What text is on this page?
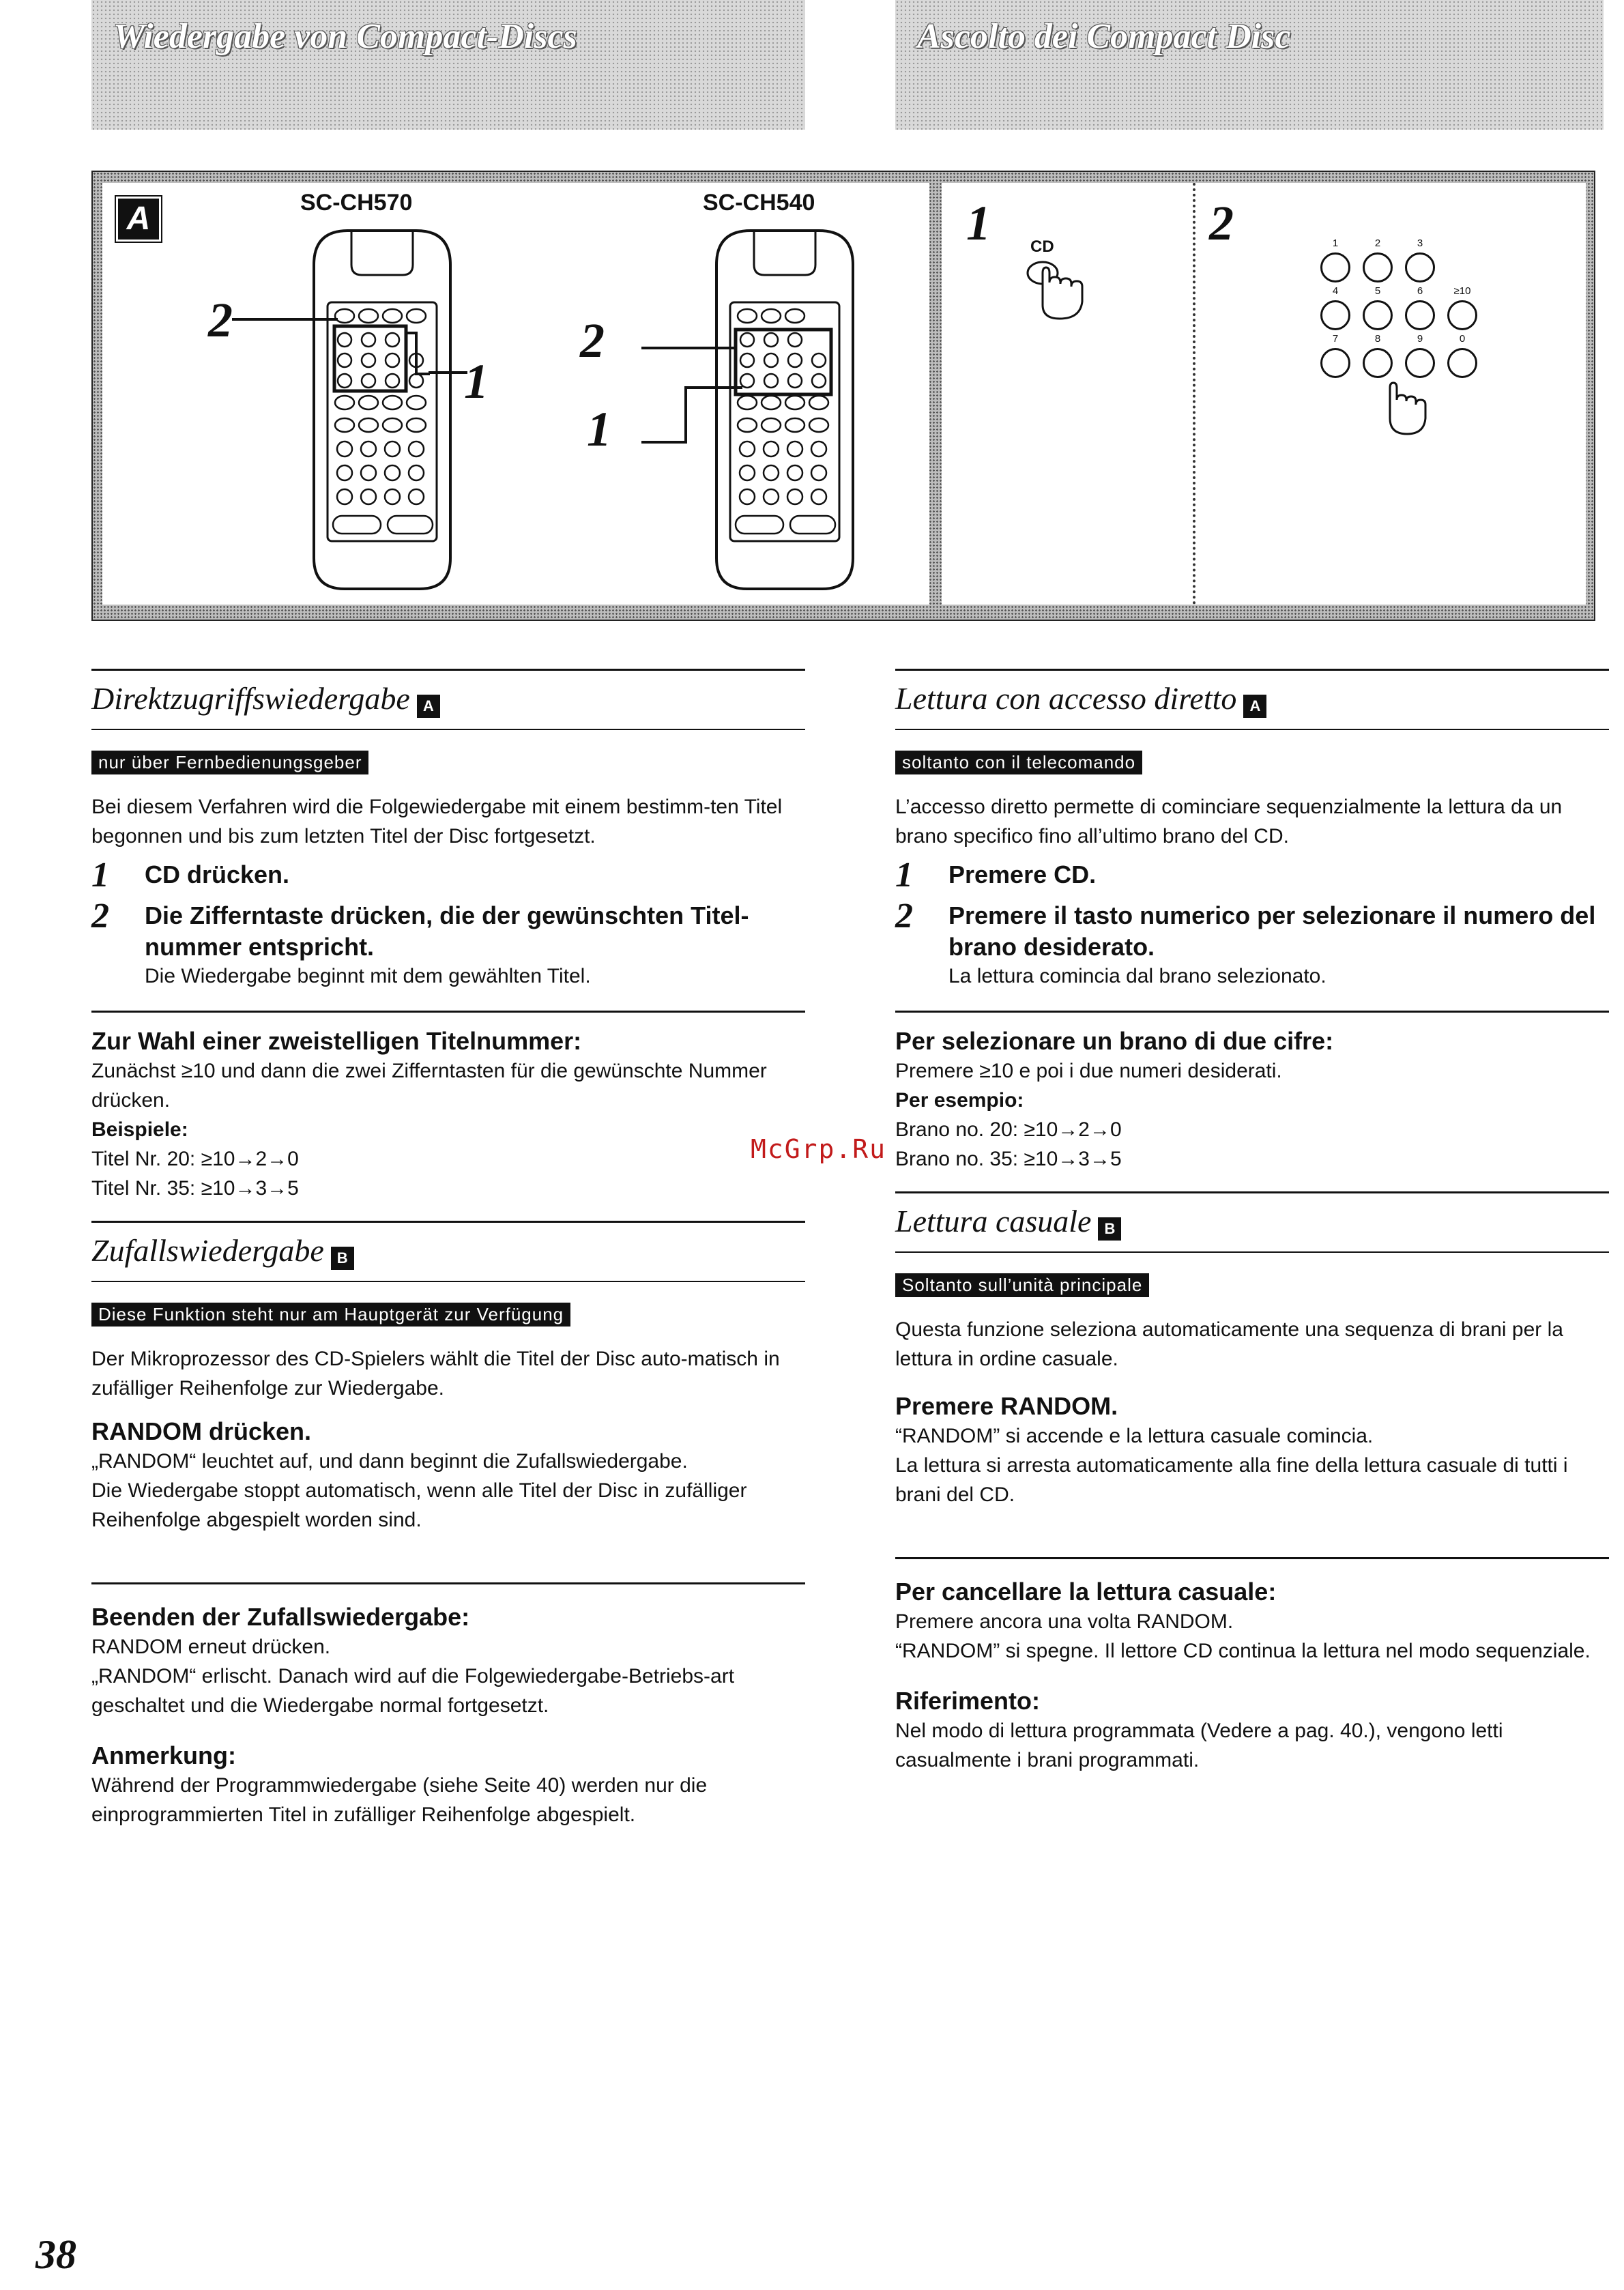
Wiedergabe von Compact-Discs	Ascolto dei Compact Disc
A	SC-CH570	SC-CH540
2
1
2
1
1 CD	2	1	2	3
4	5	6	≥10
7	8	9	0
Direktzugriffswiedergabe A
nur über Fernbedienungsgeber

Bei diesem Verfahren wird die Folgewiedergabe mit einem bestimm-ten Titel begonnen und bis zum letzten Titel der Disc fortgesetzt.

1	CD drücken.
2	Die Zifferntaste drücken, die der gewünschten Titel-nummer entspricht.

Die Wiedergabe beginnt mit dem gewählten Titel.

Zur Wahl einer zweistelligen Titelnummer:

Zunächst ≥10 und dann die zwei Zifferntasten für die gewünschte Nummer drücken.

Beispiele:

Titel Nr. 20: ≥10→2→0

Titel Nr. 35: ≥10→3→5

Zufallswiedergabe B
Diese Funktion steht nur am Hauptgerät zur Verfügung

Der Mikroprozessor des CD-Spielers wählt die Titel der Disc auto-matisch in zufälliger Reihenfolge zur Wiedergabe.

RANDOM drücken.

„RANDOM“ leuchtet auf, und dann beginnt die Zufallswiedergabe.

Die Wiedergabe stoppt automatisch, wenn alle Titel der Disc in zufälliger Reihenfolge abgespielt worden sind.

Beenden der Zufallswiedergabe:

RANDOM erneut drücken.

„RANDOM“ erlischt. Danach wird auf die Folgewiedergabe-Betriebs-art geschaltet und die Wiedergabe normal fortgesetzt.

Anmerkung:

Während der Programmwiedergabe (siehe Seite 40) werden nur die einprogrammierten Titel in zufälliger Reihenfolge abgespielt.

Lettura con accesso diretto A
soltanto con il telecomando

L’accesso diretto permette di cominciare sequenzialmente la lettura da un brano specifico fino all’ultimo brano del CD.

1	Premere CD.
2	Premere il tasto numerico per selezionare il numero del brano desiderato.

La lettura comincia dal brano selezionato.

Per selezionare un brano di due cifre:

Premere ≥10 e poi i due numeri desiderati.

Per esempio:

Brano no. 20: ≥10→2→0

Brano no. 35: ≥10→3→5

Lettura casuale B
Soltanto sull’unità principale

Questa funzione seleziona automaticamente una sequenza di brani per la lettura in ordine casuale.

Premere RANDOM.

“RANDOM” si accende e la lettura casuale comincia.

La lettura si arresta automaticamente alla fine della lettura casuale di tutti i brani del CD.

Per cancellare la lettura casuale:

Premere ancora una volta RANDOM.

“RANDOM” si spegne. Il lettore CD continua la lettura nel modo sequenziale.

Riferimento:

Nel modo di lettura programmata (Vedere a pag. 40.), vengono letti casualmente i brani programmati.

McGrp.Ru
38
